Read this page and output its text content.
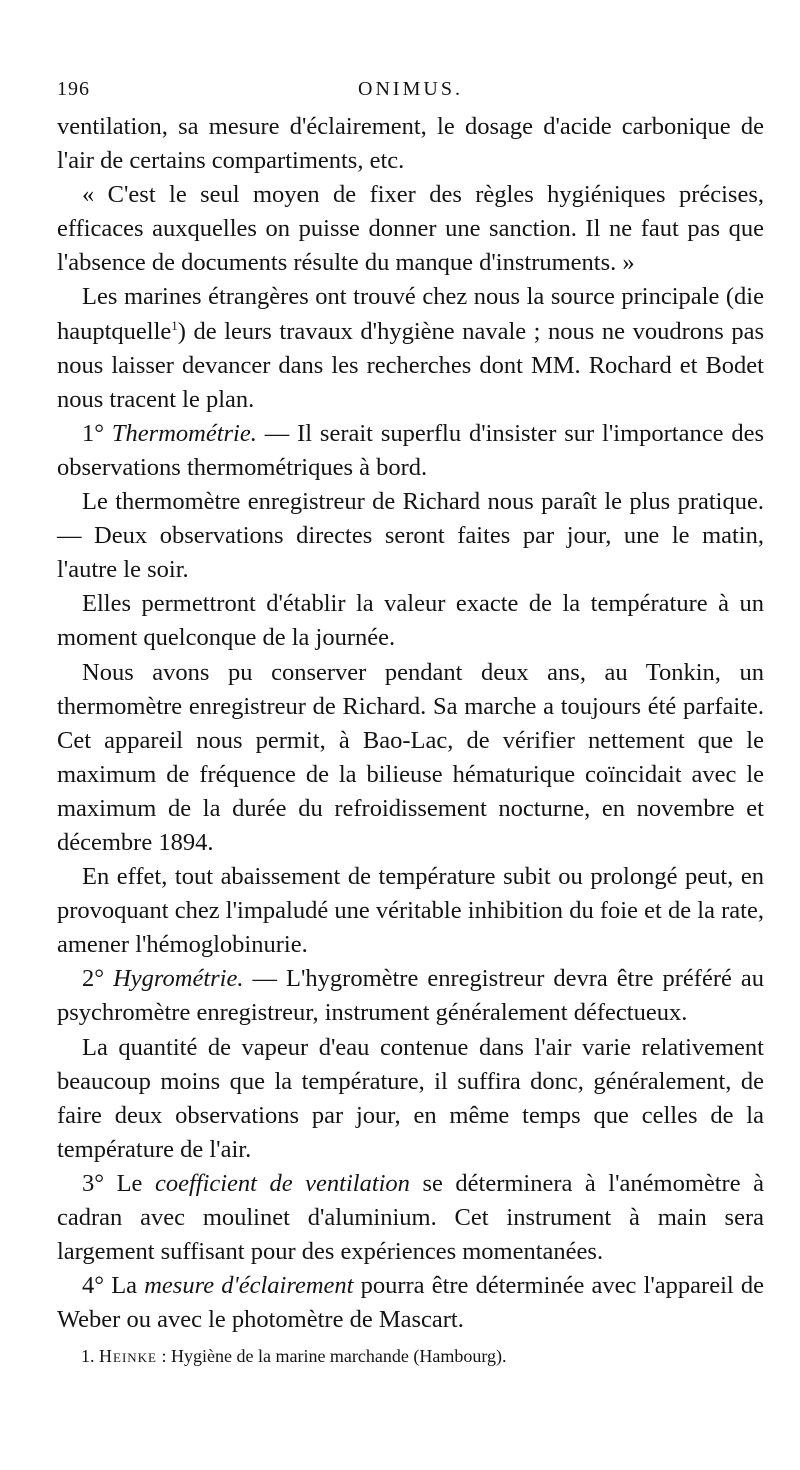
196	ONIMUS.

ventilation, sa mesure d'éclairement, le dosage d'acide carbonique de l'air de certains compartiments, etc.

« C'est le seul moyen de fixer des règles hygiéniques précises, efficaces auxquelles on puisse donner une sanction. Il ne faut pas que l'absence de documents résulte du manque d'instruments. »

Les marines étrangères ont trouvé chez nous la source principale (die hauptquelle$^1$) de leurs travaux d'hygiène navale ; nous ne voudrons pas nous laisser devancer dans les recherches dont MM. Rochard et Bodet nous tracent le plan.

1° Thermométrie. — Il serait superflu d'insister sur l'importance des observations thermométriques à bord.

Le thermomètre enregistreur de Richard nous paraît le plus pratique. — Deux observations directes seront faites par jour, une le matin, l'autre le soir.

Elles permettront d'établir la valeur exacte de la température à un moment quelconque de la journée.

Nous avons pu conserver pendant deux ans, au Tonkin, un thermomètre enregistreur de Richard. Sa marche a toujours été parfaite. Cet appareil nous permit, à Bao-Lac, de vérifier nettement que le maximum de fréquence de la bilieuse hématurique coïncidait avec le maximum de la durée du refroidissement nocturne, en novembre et décembre 1894.

En effet, tout abaissement de température subit ou prolongé peut, en provoquant chez l'impaludé une véritable inhibition du foie et de la rate, amener l'hémoglobinurie.

2° Hygrométrie. — L'hygromètre enregistreur devra être préféré au psychromètre enregistreur, instrument généralement défectueux.

La quantité de vapeur d'eau contenue dans l'air varie relativement beaucoup moins que la température, il suffira donc, généralement, de faire deux observations par jour, en même temps que celles de la température de l'air.

3° Le coefficient de ventilation se déterminera à l'anémomètre à cadran avec moulinet d'aluminium. Cet instrument à main sera largement suffisant pour des expériences momentanées.

4° La mesure d'éclairement pourra être déterminée avec l'appareil de Weber ou avec le photomètre de Mascart.

1. Heinke : Hygiène de la marine marchande (Hambourg).
